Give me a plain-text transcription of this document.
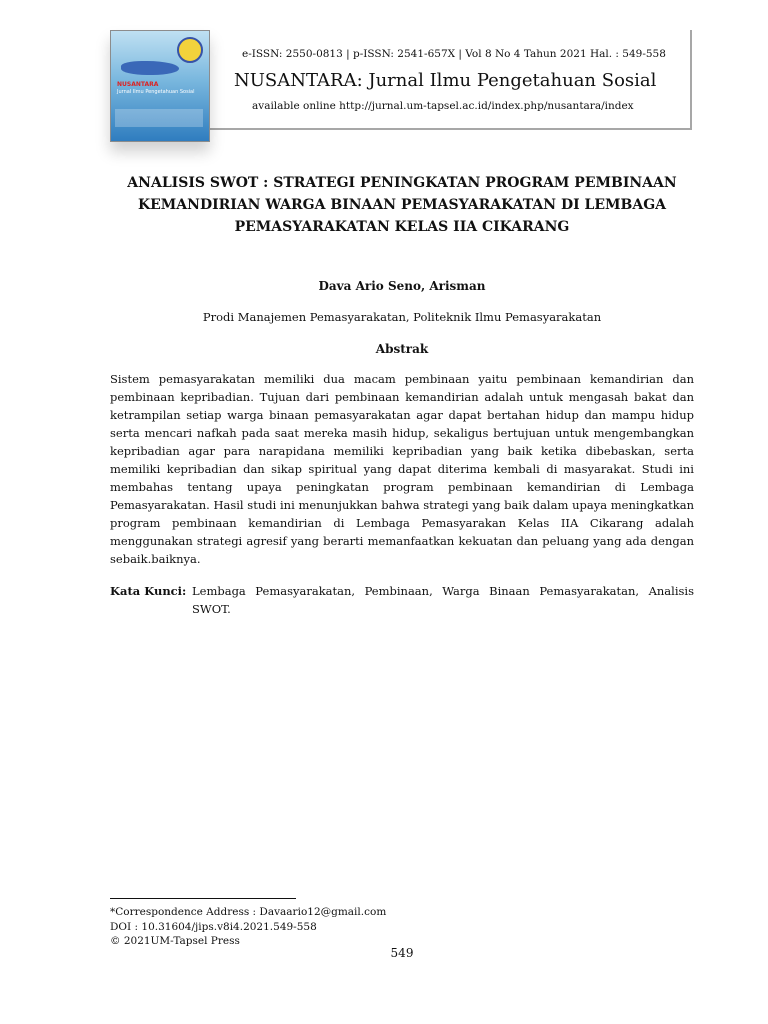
NUSANTARA
Jurnal Ilmu Pengetahuan Sosial
e-ISSN: 2550-0813 | p-ISSN: 2541-657X | Vol 8 No 4 Tahun 2021 Hal. : 549-558
NUSANTARA: Jurnal Ilmu Pengetahuan Sosial
available online http://jurnal.um-tapsel.ac.id/index.php/nusantara/index
ANALISIS SWOT : STRATEGI PENINGKATAN PROGRAM PEMBINAAN KEMANDIRIAN WARGA BINAAN PEMASYARAKATAN DI LEMBAGA PEMASYARAKATAN KELAS IIA CIKARANG
Dava Ario Seno, Arisman
Prodi Manajemen Pemasyarakatan, Politeknik Ilmu Pemasyarakatan
Abstrak

Sistem pemasyarakatan memiliki dua macam pembinaan yaitu pembinaan kemandirian dan pembinaan kepribadian. Tujuan dari pembinaan kemandirian adalah untuk mengasah bakat dan ketrampilan setiap warga binaan pemasyarakatan agar dapat bertahan hidup dan mampu hidup serta mencari nafkah pada saat mereka masih hidup, sekaligus bertujuan untuk mengembangkan kepribadian agar para narapidana memiliki kepribadian yang baik ketika dibebaskan, serta memiliki kepribadian dan sikap spiritual yang dapat diterima kembali di masyarakat. Studi ini membahas tentang upaya peningkatan program pembinaan kemandirian di Lembaga Pemasyarakatan. Hasil studi ini menunjukkan bahwa strategi yang baik dalam upaya meningkatkan program pembinaan kemandirian di Lembaga Pemasyarakan Kelas IIA Cikarang adalah menggunakan strategi agresif yang berarti memanfaatkan kekuatan dan peluang yang ada dengan sebaik.baiknya.

Kata Kunci: Lembaga Pemasyarakatan, Pembinaan, Warga Binaan Pemasyarakatan, Analisis SWOT.
*Correspondence Address : Davaario12@gmail.com
DOI : 10.31604/jips.v8i4.2021.549-558
© 2021UM-Tapsel Press
549
